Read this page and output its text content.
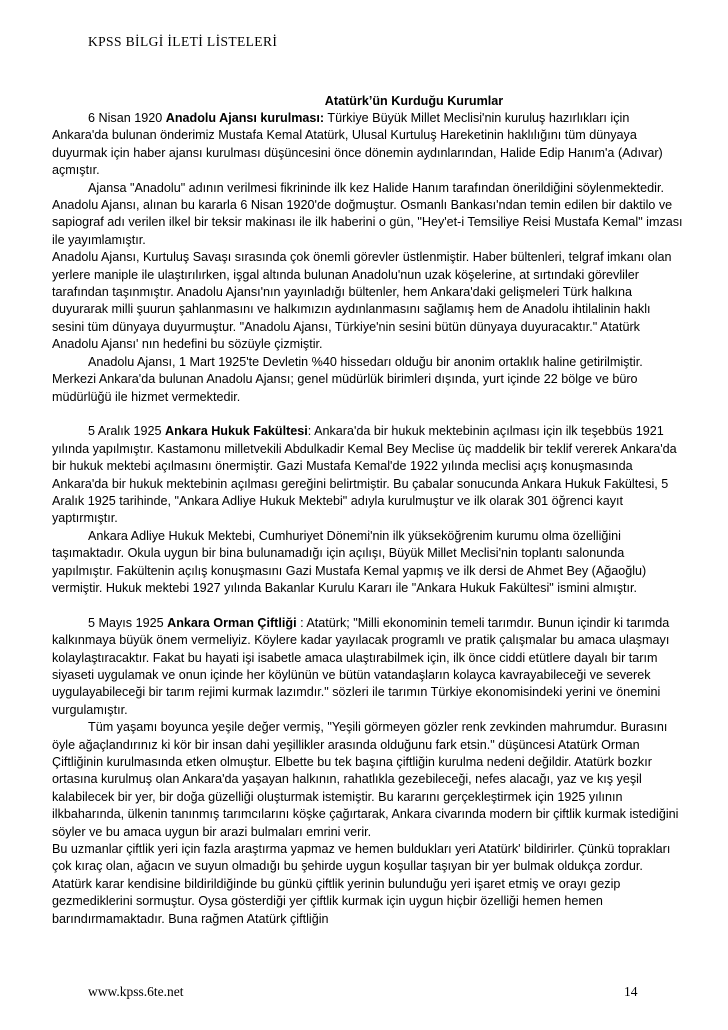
KPSS BİLGİ İLETİ LİSTELERİ
Atatürk’ün Kurduğu Kurumlar

6 Nisan 1920 Anadolu Ajansı kurulması: Türkiye Büyük Millet Meclisi'nin kuruluş hazırlıkları için Ankara'da bulunan önderimiz Mustafa Kemal Atatürk, Ulusal Kurtuluş Hareketinin haklılığını tüm dünyaya duyurmak için haber ajansı kurulması düşüncesini önce dönemin aydınlarından, Halide Edip Hanım'a (Adıvar) açmıştır.

Ajansa "Anadolu" adının verilmesi fikrininde ilk kez Halide Hanım tarafından önerildiğini söylenmektedir. Anadolu Ajansı, alınan bu kararla 6 Nisan 1920'de doğmuştur. Osmanlı Bankası'ndan temin edilen bir daktilo ve sapiograf adı verilen ilkel bir teksir makinası ile ilk haberini o gün, "Hey'et-i Temsiliye Reisi Mustafa Kemal" imzası ile yayımlamıştır.

Anadolu Ajansı, Kurtuluş Savaşı sırasında çok önemli görevler üstlenmiştir. Haber bültenleri, telgraf imkanı olan yerlere maniple ile ulaştırılırken, işgal altında bulunan Anadolu'nun uzak köşelerine, at sırtındaki görevliler tarafından taşınmıştır. Anadolu Ajansı'nın yayınladığı bültenler, hem Ankara'daki gelişmeleri Türk halkına duyurarak milli şuurun şahlanmasını ve halkımızın aydınlanmasını sağlamış hem de Anadolu ihtilalinin haklı sesini tüm dünyaya duyurmuştur. "Anadolu Ajansı, Türkiye'nin sesini bütün dünyaya duyuracaktır." Atatürk Anadolu Ajansı' nın hedefini bu sözüyle çizmiştir.

Anadolu Ajansı, 1 Mart 1925'te Devletin %40 hissedarı olduğu bir anonim ortaklık haline getirilmiştir. Merkezi Ankara'da bulunan Anadolu Ajansı; genel müdürlük birimleri dışında, yurt içinde 22 bölge ve büro müdürlüğü ile hizmet vermektedir.

5 Aralık 1925 Ankara Hukuk Fakültesi: Ankara'da bir hukuk mektebinin açılması için ilk teşebbüs 1921 yılında yapılmıştır. Kastamonu milletvekili Abdulkadir Kemal Bey Meclise üç maddelik bir teklif vererek Ankara'da bir hukuk mektebi açılmasını önermiştir. Gazi Mustafa Kemal'de 1922 yılında meclisi açış konuşmasında Ankara'da bir hukuk mektebinin açılması gereğini belirtmiştir. Bu çabalar sonucunda Ankara Hukuk Fakültesi, 5 Aralık 1925 tarihinde, "Ankara Adliye Hukuk Mektebi" adıyla kurulmuştur ve ilk olarak 301 öğrenci kayıt yaptırmıştır.

Ankara Adliye Hukuk Mektebi, Cumhuriyet Dönemi'nin ilk yükseköğrenim kurumu olma özelliğini taşımaktadır. Okula uygun bir bina bulunamadığı için açılışı, Büyük Millet Meclisi'nin toplantı salonunda yapılmıştır. Fakültenin açılış konuşmasını Gazi Mustafa Kemal yapmış ve ilk dersi de Ahmet Bey (Ağaoğlu) vermiştir. Hukuk mektebi 1927 yılında Bakanlar Kurulu Kararı ile "Ankara Hukuk Fakültesi" ismini almıştır.

5 Mayıs 1925 Ankara Orman Çiftliği : Atatürk; "Milli ekonominin temeli tarımdır. Bunun içindir ki tarımda kalkınmaya büyük önem vermeliyiz. Köylere kadar yayılacak programlı ve pratik çalışmalar bu amaca ulaşmayı kolaylaştıracaktır. Fakat bu hayati işi isabetle amaca ulaştırabilmek için, ilk önce ciddi etütlere dayalı bir tarım siyaseti uygulamak ve onun içinde her köylünün ve bütün vatandaşların kolayca kavrayabileceği ve severek uygulayabileceği bir tarım rejimi kurmak lazımdır." sözleri ile tarımın Türkiye ekonomisindeki yerini ve önemini vurgulamıştır.

Tüm yaşamı boyunca yeşile değer vermiş, "Yeşili görmeyen gözler renk zevkinden mahrumdur. Burasını öyle ağaçlandırınız ki kör bir insan dahi yeşillikler arasında olduğunu fark etsin." düşüncesi Atatürk Orman Çiftliğinin kurulmasında etken olmuştur. Elbette bu tek başına çiftliğin kurulma nedeni değildir. Atatürk bozkır ortasına kurulmuş olan Ankara'da yaşayan halkının, rahatlıkla gezebileceği, nefes alacağı, yaz ve kış yeşil kalabilecek bir yer, bir doğa güzelliği oluşturmak istemiştir. Bu kararını gerçekleştirmek için 1925 yılının ilkbaharında, ülkenin tanınmış tarımcılarını köşke çağırtarak, Ankara civarında modern bir çiftlik kurmak istediğini söyler ve bu amaca uygun bir arazi bulmaları emrini verir.

Bu uzmanlar çiftlik yeri için fazla araştırma yapmaz ve hemen buldukları yeri Atatürk' bildirirler. Çünkü toprakları çok kıraç olan, ağacın ve suyun olmadığı bu şehirde uygun koşullar taşıyan bir yer bulmak oldukça zordur. Atatürk karar kendisine bildirildiğinde bu günkü çiftlik yerinin bulunduğu yeri işaret etmiş ve orayı gezip gezmediklerini sormuştur. Oysa gösterdiği yer çiftlik kurmak için uygun hiçbir özelliği hemen hemen barındırmamaktadır. Buna rağmen Atatürk çiftliğin

www.kpss.6te.net	14
